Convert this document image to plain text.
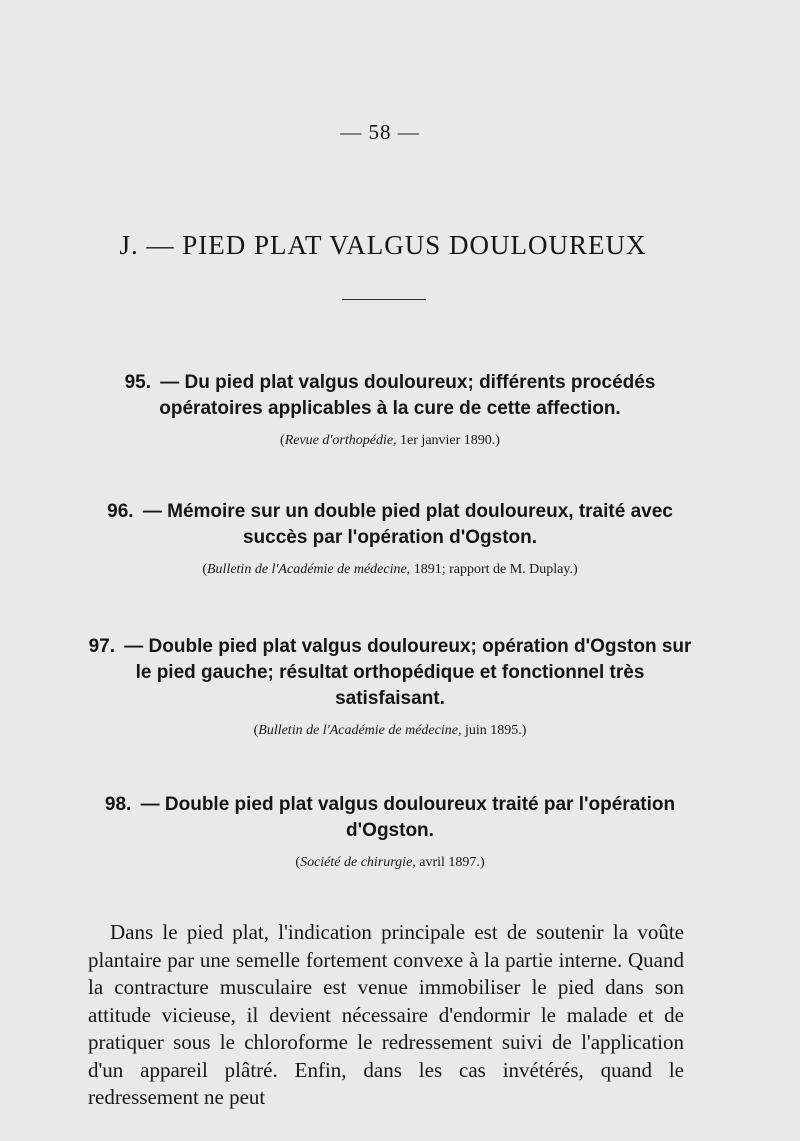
— 58 —
J. — PIED PLAT VALGUS DOULOUREUX
95. — Du pied plat valgus douloureux; différents procédés opératoires applicables à la cure de cette affection.
(Revue d'orthopédie, 1er janvier 1890.)
96. — Mémoire sur un double pied plat douloureux, traité avec succès par l'opération d'Ogston.
(Bulletin de l'Académie de médecine, 1891; rapport de M. Duplay.)
97. — Double pied plat valgus douloureux; opération d'Ogston sur le pied gauche; résultat orthopédique et fonctionnel très satisfaisant.
(Bulletin de l'Académie de médecine, juin 1895.)
98. — Double pied plat valgus douloureux traité par l'opération d'Ogston.
(Société de chirurgie, avril 1897.)

Dans le pied plat, l'indication principale est de soutenir la voûte plantaire par une semelle fortement convexe à la partie interne. Quand la contracture musculaire est venue immobiliser le pied dans son attitude vicieuse, il devient nécessaire d'endormir le malade et de pratiquer sous le chloroforme le redressement suivi de l'application d'un appareil plâtré. Enfin, dans les cas invétérés, quand le redressement ne peut
